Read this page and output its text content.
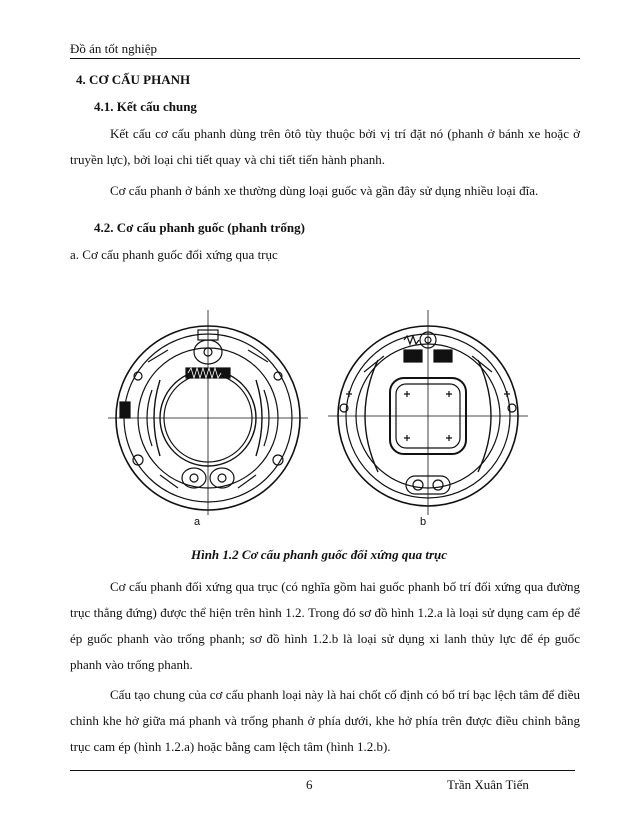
Đồ án tốt nghiệp
4. CƠ CẤU PHANH
4.1. Kết cấu chung
Kết cấu cơ cấu phanh dùng trên ôtô tùy thuộc bởi vị trí đặt nó (phanh ở bánh xe hoặc ở truyền lực), bởi loại chi tiết quay và chi tiết tiến hành phanh.
Cơ cấu phanh ở bánh xe thường dùng loại guốc và gần đây sử dụng nhiều loại đĩa.
4.2. Cơ cấu phanh guốc (phanh trống)
a. Cơ cấu phanh guốc đối xứng qua trục
a	b
Hình 1.2 Cơ cấu phanh guốc đối xứng qua trục
Cơ cấu phanh đối xứng qua trục (có nghĩa gồm hai guốc phanh bố trí đối xứng qua đường trục thẳng đứng) được thể hiện trên hình 1.2. Trong đó sơ đồ hình 1.2.a là loại sử dụng cam ép để ép guốc phanh vào trống phanh; sơ đồ hình 1.2.b là loại sử dụng xi lanh thủy lực để ép guốc phanh vào trống phanh.
Cấu tạo chung của cơ cấu phanh loại này là hai chốt cố định có bố trí bạc lệch tâm để điều chỉnh khe hở giữa má phanh và trống phanh ở phía dưới, khe hở phía trên được điều chỉnh bằng trục cam ép (hình 1.2.a) hoặc bằng cam lệch tâm (hình 1.2.b).
6	Trần Xuân Tiến
